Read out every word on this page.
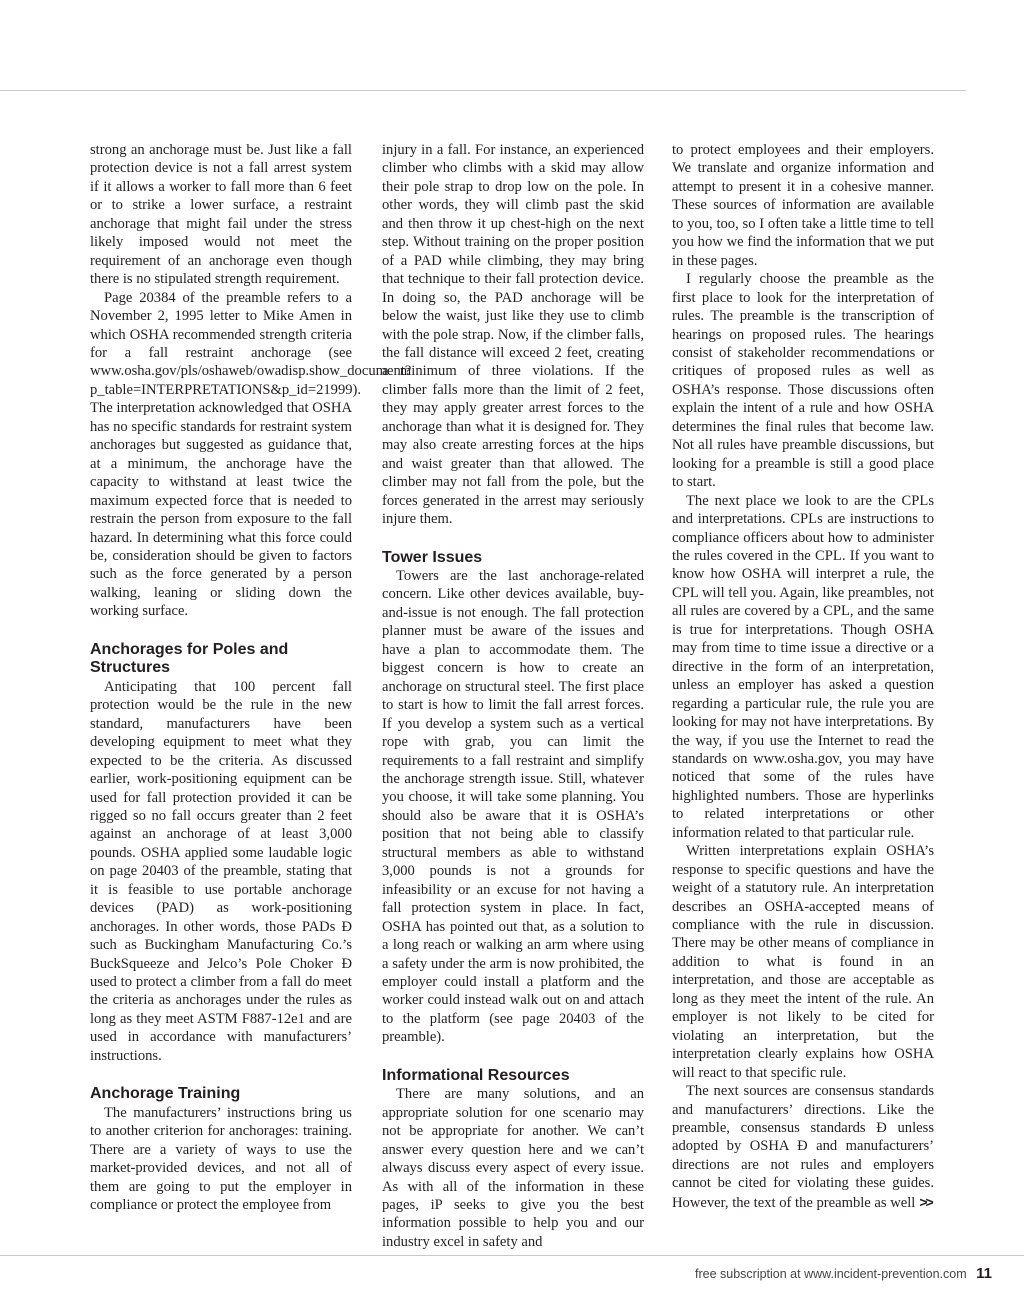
strong an anchorage must be. Just like a fall protection device is not a fall arrest system if it allows a worker to fall more than 6 feet or to strike a lower surface, a restraint anchorage that might fail under the stress likely imposed would not meet the requirement of an anchorage even though there is no stipulated strength requirement.

Page 20384 of the preamble refers to a November 2, 1995 letter to Mike Amen in which OSHA recommended strength criteria for a fall restraint anchorage (see www.osha.gov/pls/oshaweb/owadisp.show_document?p_table=INTERPRETATIONS&p_id=21999). The interpretation acknowledged that OSHA has no specific standards for restraint system anchorages but suggested as guidance that, at a minimum, the anchorage have the capacity to withstand at least twice the maximum expected force that is needed to restrain the person from exposure to the fall hazard. In determining what this force could be, consideration should be given to factors such as the force generated by a person walking, leaning or sliding down the working surface.

Anchorages for Poles and Structures

Anticipating that 100 percent fall protection would be the rule in the new standard, manufacturers have been developing equipment to meet what they expected to be the criteria. As discussed earlier, work-positioning equipment can be used for fall protection provided it can be rigged so no fall occurs greater than 2 feet against an anchorage of at least 3,000 pounds. OSHA applied some laudable logic on page 20403 of the preamble, stating that it is feasible to use portable anchorage devices (PAD) as work-positioning anchorages. In other words, those PADs Ð such as Buckingham Manufacturing Co.’s BuckSqueeze and Jelco’s Pole Choker Ð used to protect a climber from a fall do meet the criteria as anchorages under the rules as long as they meet ASTM F887-12e1 and are used in accordance with manufacturers’ instructions.

Anchorage Training

The manufacturers’ instructions bring us to another criterion for anchorages: training. There are a variety of ways to use the market-provided devices, and not all of them are going to put the employer in compliance or protect the employee from

injury in a fall. For instance, an experienced climber who climbs with a skid may allow their pole strap to drop low on the pole. In other words, they will climb past the skid and then throw it up chest-high on the next step. Without training on the proper position of a PAD while climbing, they may bring that technique to their fall protection device. In doing so, the PAD anchorage will be below the waist, just like they use to climb with the pole strap. Now, if the climber falls, the fall distance will exceed 2 feet, creating a minimum of three violations. If the climber falls more than the limit of 2 feet, they may apply greater arrest forces to the anchorage than what it is designed for. They may also create arresting forces at the hips and waist greater than that allowed. The climber may not fall from the pole, but the forces generated in the arrest may seriously injure them.

Tower Issues

Towers are the last anchorage-related concern. Like other devices available, buy-and-issue is not enough. The fall protection planner must be aware of the issues and have a plan to accommodate them. The biggest concern is how to create an anchorage on structural steel. The first place to start is how to limit the fall arrest forces. If you develop a system such as a vertical rope with grab, you can limit the requirements to a fall restraint and simplify the anchorage strength issue. Still, whatever you choose, it will take some planning. You should also be aware that it is OSHA’s position that not being able to classify structural members as able to withstand 3,000 pounds is not a grounds for infeasibility or an excuse for not having a fall protection system in place. In fact, OSHA has pointed out that, as a solution to a long reach or walking an arm where using a safety under the arm is now prohibited, the employer could install a platform and the worker could instead walk out on and attach to the platform (see page 20403 of the preamble).

Informational Resources

There are many solutions, and an appropriate solution for one scenario may not be appropriate for another. We can’t answer every question here and we can’t always discuss every aspect of every issue. As with all of the information in these pages, iP seeks to give you the best information possible to help you and our industry excel in safety and

to protect employees and their employers. We translate and organize information and attempt to present it in a cohesive manner. These sources of information are available to you, too, so I often take a little time to tell you how we find the information that we put in these pages.

I regularly choose the preamble as the first place to look for the interpretation of rules. The preamble is the transcription of hearings on proposed rules. The hearings consist of stakeholder recommendations or critiques of proposed rules as well as OSHA’s response. Those discussions often explain the intent of a rule and how OSHA determines the final rules that become law. Not all rules have preamble discussions, but looking for a preamble is still a good place to start.

The next place we look to are the CPLs and interpretations. CPLs are instructions to compliance officers about how to administer the rules covered in the CPL. If you want to know how OSHA will interpret a rule, the CPL will tell you. Again, like preambles, not all rules are covered by a CPL, and the same is true for interpretations. Though OSHA may from time to time issue a directive or a directive in the form of an interpretation, unless an employer has asked a question regarding a particular rule, the rule you are looking for may not have interpretations. By the way, if you use the Internet to read the standards on www.osha.gov, you may have noticed that some of the rules have highlighted numbers. Those are hyperlinks to related interpretations or other information related to that particular rule.

Written interpretations explain OSHA’s response to specific questions and have the weight of a statutory rule. An interpretation describes an OSHA-accepted means of compliance with the rule in discussion. There may be other means of compliance in addition to what is found in an interpretation, and those are acceptable as long as they meet the intent of the rule. An employer is not likely to be cited for violating an interpretation, but the interpretation clearly explains how OSHA will react to that specific rule.

The next sources are consensus standards and manufacturers’ directions. Like the preamble, consensus standards Ð unless adopted by OSHA Ð and manufacturers’ directions are not rules and employers cannot be cited for violating these guides. However, the text of the preamble as well >>

free subscription at www.incident-prevention.com 11
